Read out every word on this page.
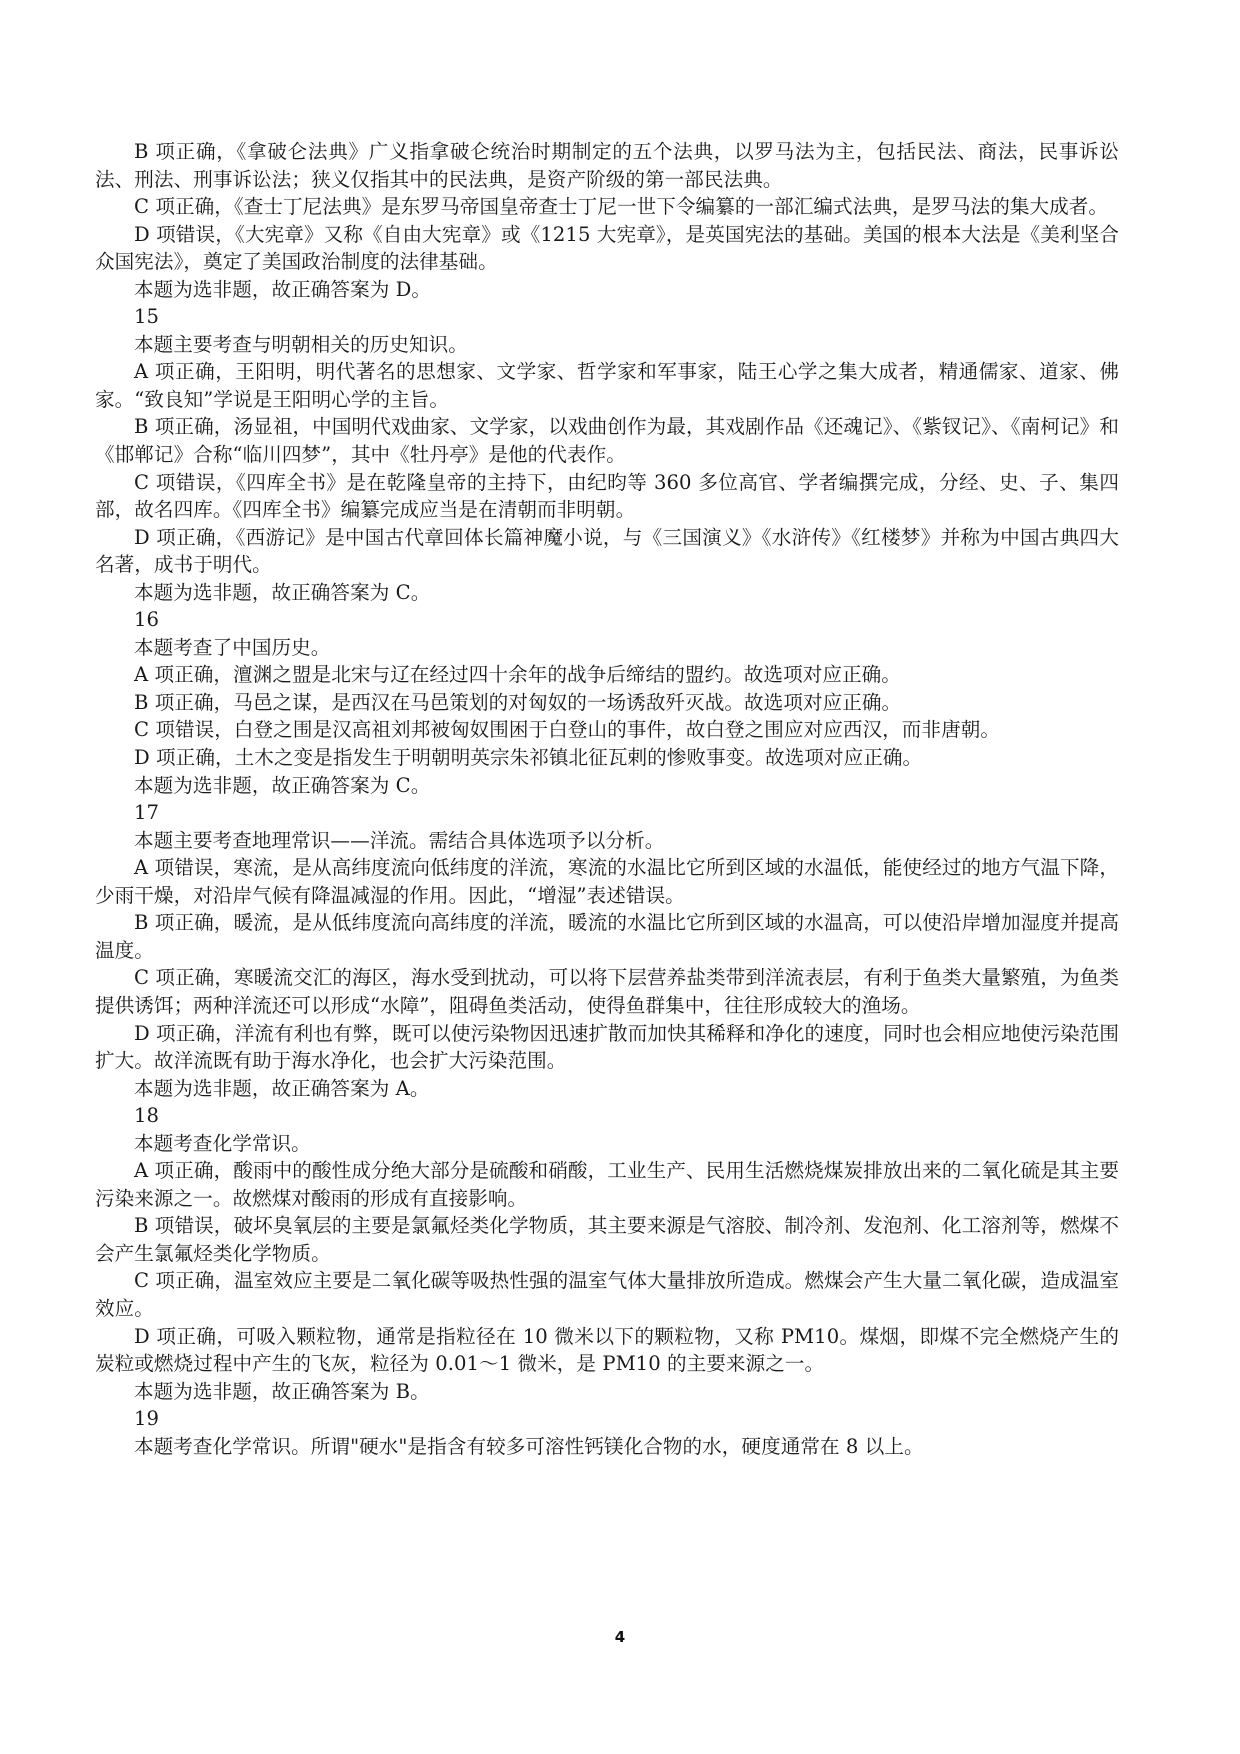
B 项正确，《拿破仑法典》广义指拿破仑统治时期制定的五个法典，以罗马法为主，包括民法、商法，民事诉讼法、刑法、刑事诉讼法；狭义仅指其中的民法典，是资产阶级的第一部民法典。

C 项正确，《查士丁尼法典》是东罗马帝国皇帝查士丁尼一世下令编纂的一部汇编式法典，是罗马法的集大成者。

D 项错误，《大宪章》又称《自由大宪章》或《1215 大宪章》，是英国宪法的基础。美国的根本大法是《美利坚合众国宪法》，奠定了美国政治制度的法律基础。

本题为选非题，故正确答案为 D。

15

本题主要考查与明朝相关的历史知识。

A 项正确，王阳明，明代著名的思想家、文学家、哲学家和军事家，陆王心学之集大成者，精通儒家、道家、佛家。“致良知”学说是王阳明心学的主旨。

B 项正确，汤显祖，中国明代戏曲家、文学家，以戏曲创作为最，其戏剧作品《还魂记》、《紫钗记》、《南柯记》和《邯郸记》合称“临川四梦”，其中《牡丹亭》是他的代表作。

C 项错误，《四库全书》是在乾隆皇帝的主持下，由纪昀等 360 多位高官、学者编撰完成，分经、史、子、集四部，故名四库。《四库全书》编纂完成应当是在清朝而非明朝。

D 项正确，《西游记》是中国古代章回体长篇神魔小说，与《三国演义》《水浒传》《红楼梦》并称为中国古典四大名著，成书于明代。

本题为选非题，故正确答案为 C。

16

本题考查了中国历史。

A 项正确，澶渊之盟是北宋与辽在经过四十余年的战争后缔结的盟约。故选项对应正确。

B 项正确，马邑之谋，是西汉在马邑策划的对匈奴的一场诱敌歼灭战。故选项对应正确。

C 项错误，白登之围是汉高祖刘邦被匈奴围困于白登山的事件，故白登之围应对应西汉，而非唐朝。

D 项正确，土木之变是指发生于明朝明英宗朱祁镇北征瓦剌的惨败事变。故选项对应正确。

本题为选非题，故正确答案为 C。

17

本题主要考查地理常识——洋流。需结合具体选项予以分析。

A 项错误，寒流，是从高纬度流向低纬度的洋流，寒流的水温比它所到区域的水温低，能使经过的地方气温下降，少雨干燥，对沿岸气候有降温减湿的作用。因此，“增湿”表述错误。

B 项正确，暖流，是从低纬度流向高纬度的洋流，暖流的水温比它所到区域的水温高，可以使沿岸增加湿度并提高温度。

C 项正确，寒暖流交汇的海区，海水受到扰动，可以将下层营养盐类带到洋流表层，有利于鱼类大量繁殖，为鱼类提供诱饵；两种洋流还可以形成“水障”，阻碍鱼类活动，使得鱼群集中，往往形成较大的渔场。

D 项正确，洋流有利也有弊，既可以使污染物因迅速扩散而加快其稀释和净化的速度，同时也会相应地使污染范围扩大。故洋流既有助于海水净化，也会扩大污染范围。

本题为选非题，故正确答案为 A。

18

本题考查化学常识。

A 项正确，酸雨中的酸性成分绝大部分是硫酸和硝酸，工业生产、民用生活燃烧煤炭排放出来的二氧化硫是其主要污染来源之一。故燃煤对酸雨的形成有直接影响。

B 项错误，破坏臭氧层的主要是氯氟烃类化学物质，其主要来源是气溶胶、制冷剂、发泡剂、化工溶剂等，燃煤不会产生氯氟烃类化学物质。

C 项正确，温室效应主要是二氧化碳等吸热性强的温室气体大量排放所造成。燃煤会产生大量二氧化碳，造成温室效应。

D 项正确，可吸入颗粒物，通常是指粒径在 10 微米以下的颗粒物，又称 PM10。煤烟，即煤不完全燃烧产生的炭粒或燃烧过程中产生的飞灰，粒径为 0.01～1 微米，是 PM10 的主要来源之一。

本题为选非题，故正确答案为 B。

19

本题考查化学常识。所谓"硬水"是指含有较多可溶性钙镁化合物的水，硬度通常在 8 以上。

4
